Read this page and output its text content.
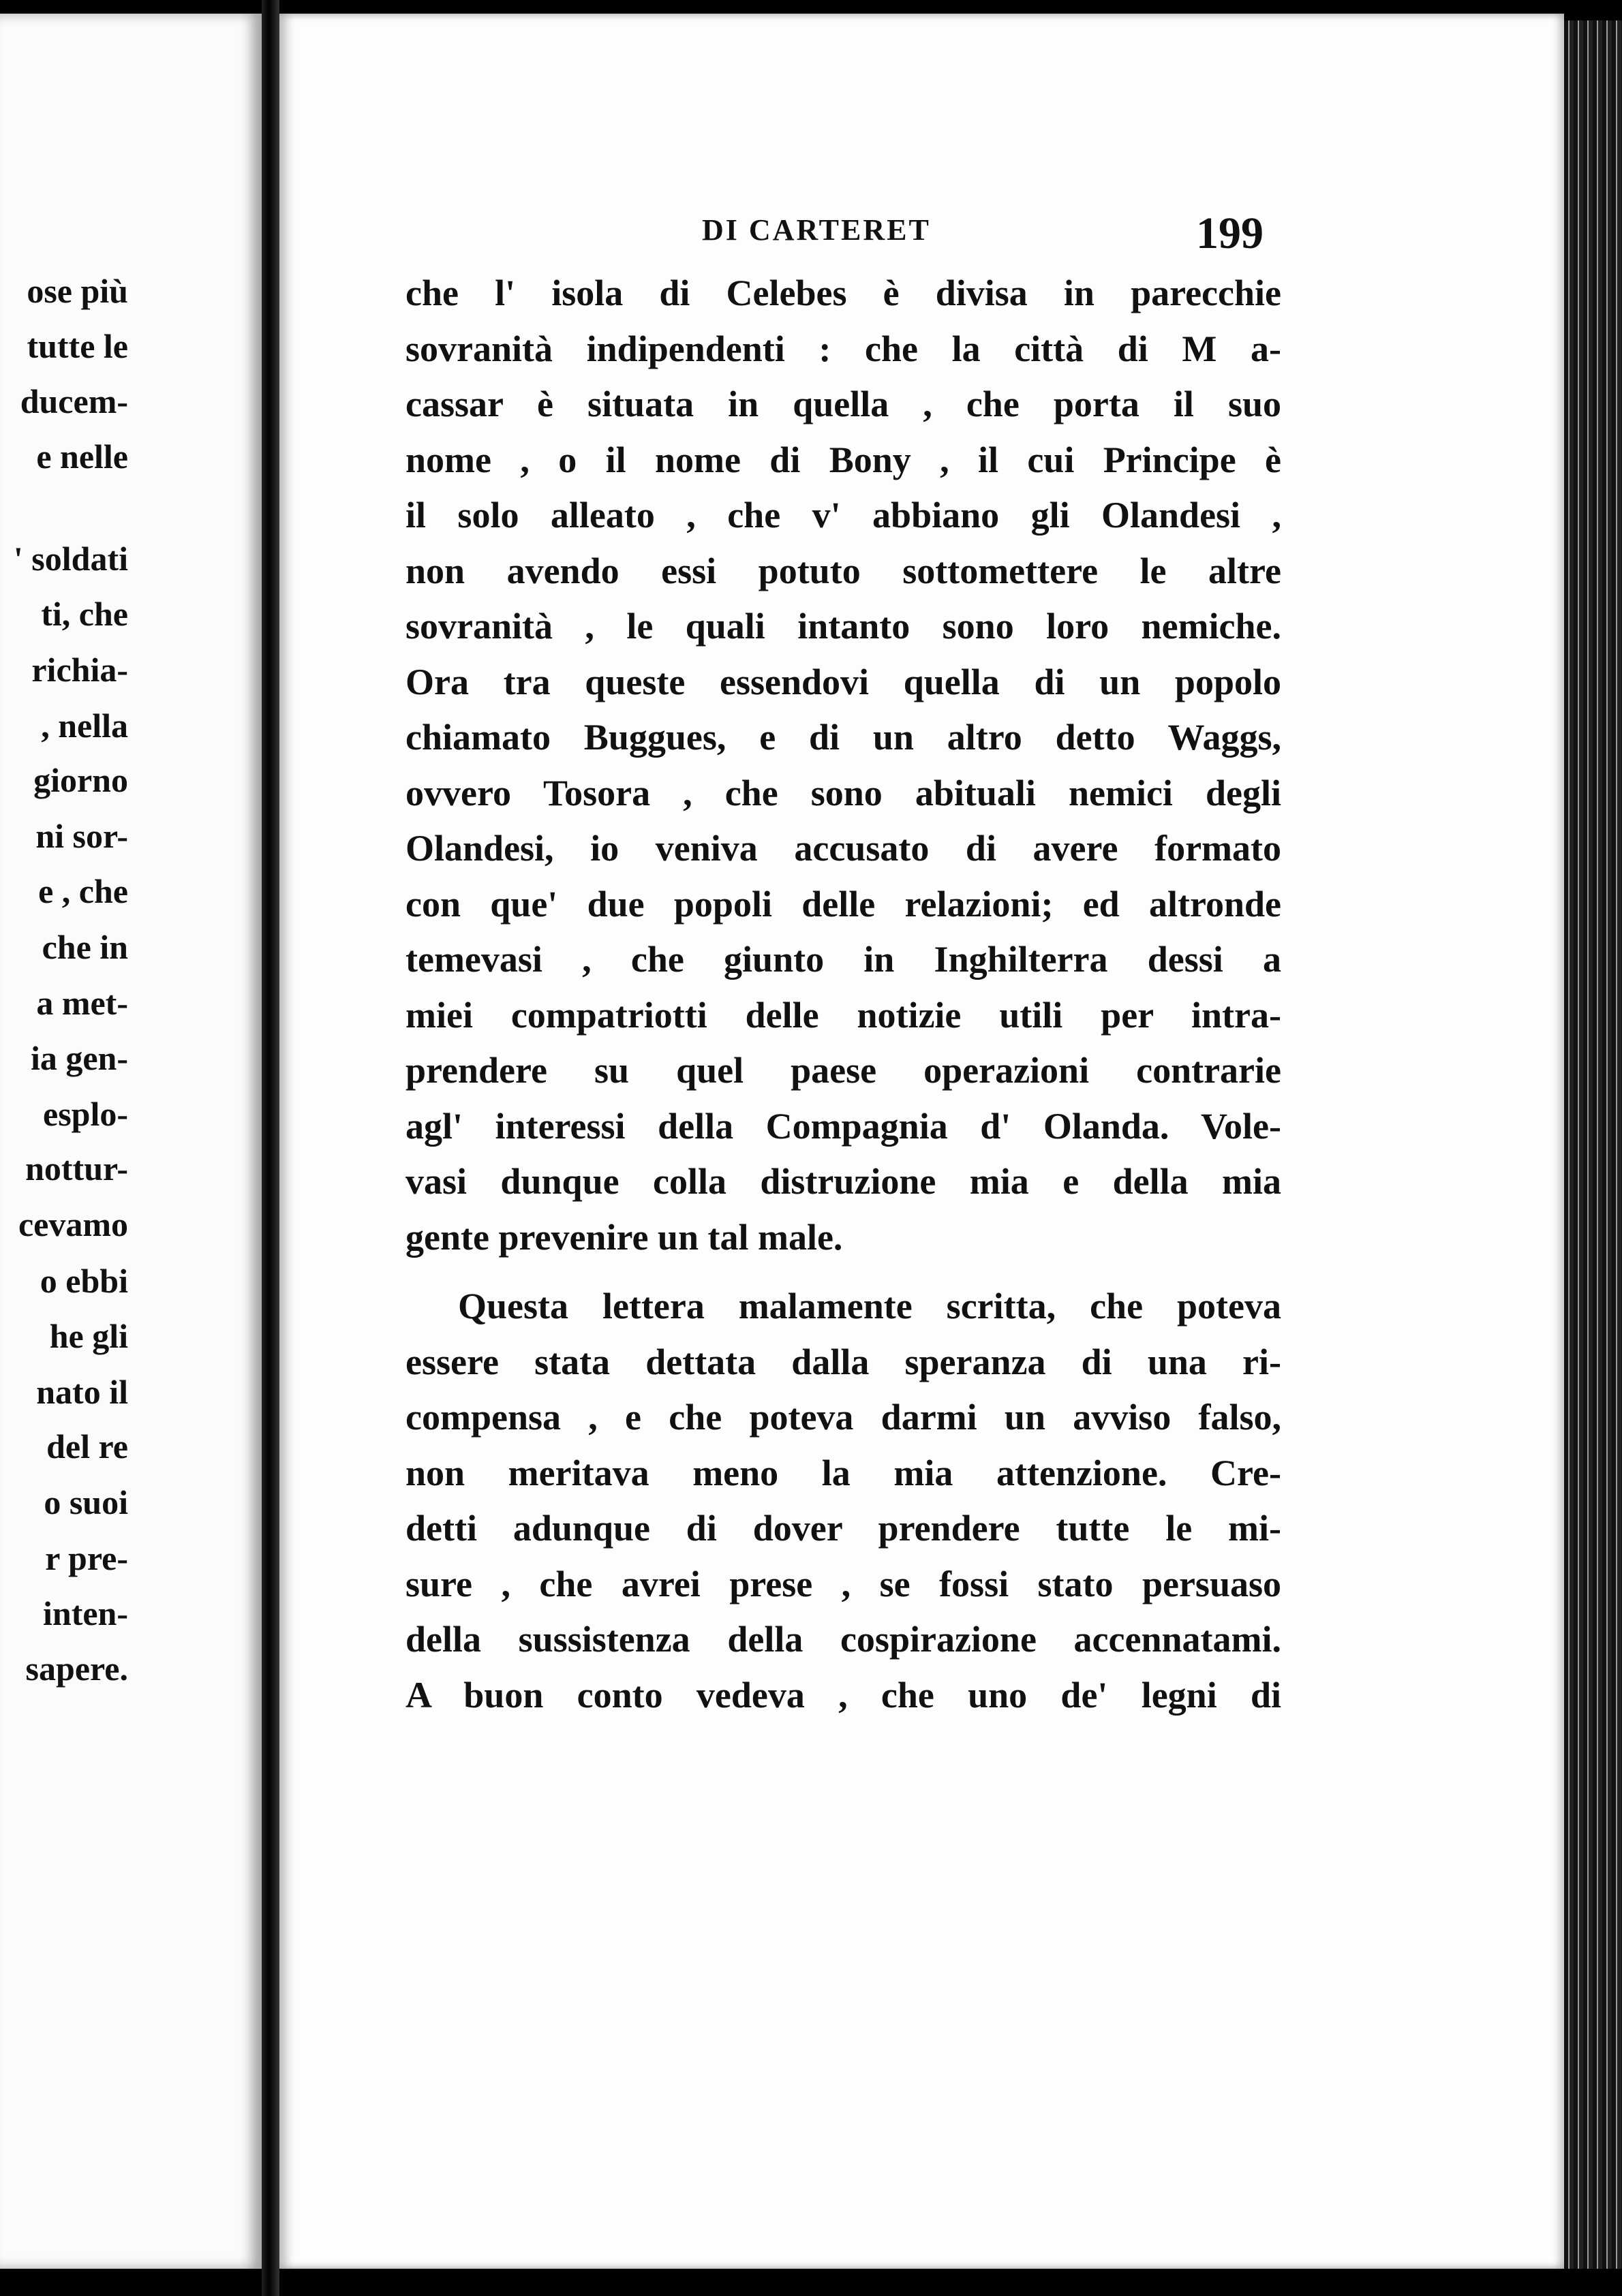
ose più
tutte le
ducem-
e nelle
' soldati
ti, che
richia-
, nella
giorno
ni sor-
e , che
che in
a met-
ia gen-
esplo-
nottur-
cevamo
o ebbi
he gli
nato il
del re
o suoi
r pre-
inten-
sapere.
DI CARTERET	199
che l' isola di Celebes è divisa in parecchie
sovranità indipendenti : che la città di M a-
cassar è situata in quella , che porta il suo
nome , o il nome di Bony , il cui Principe è
il solo alleato , che v' abbiano gli Olandesi ,
non avendo essi potuto sottomettere le altre
sovranità , le quali intanto sono loro nemiche.
Ora tra queste essendovi quella di un popolo
chiamato Buggues, e di un altro detto Waggs,
ovvero Tosora , che sono abituali nemici degli
Olandesi, io veniva accusato di avere formato
con que' due popoli delle relazioni; ed altronde
temevasi , che giunto in Inghilterra dessi a
miei compatriotti delle notizie utili per intra-
prendere su quel paese operazioni contrarie
agl' interessi della Compagnia d' Olanda. Vole-
vasi dunque colla distruzione mia e della mia
gente prevenire un tal male.
Questa lettera malamente scritta, che poteva
essere stata dettata dalla speranza di una ri-
compensa , e che poteva darmi un avviso falso,
non meritava meno la mia attenzione. Cre-
detti adunque di dover prendere tutte le mi-
sure , che avrei prese , se fossi stato persuaso
della sussistenza della cospirazione accennatami.
A buon conto vedeva , che uno de' legni di
